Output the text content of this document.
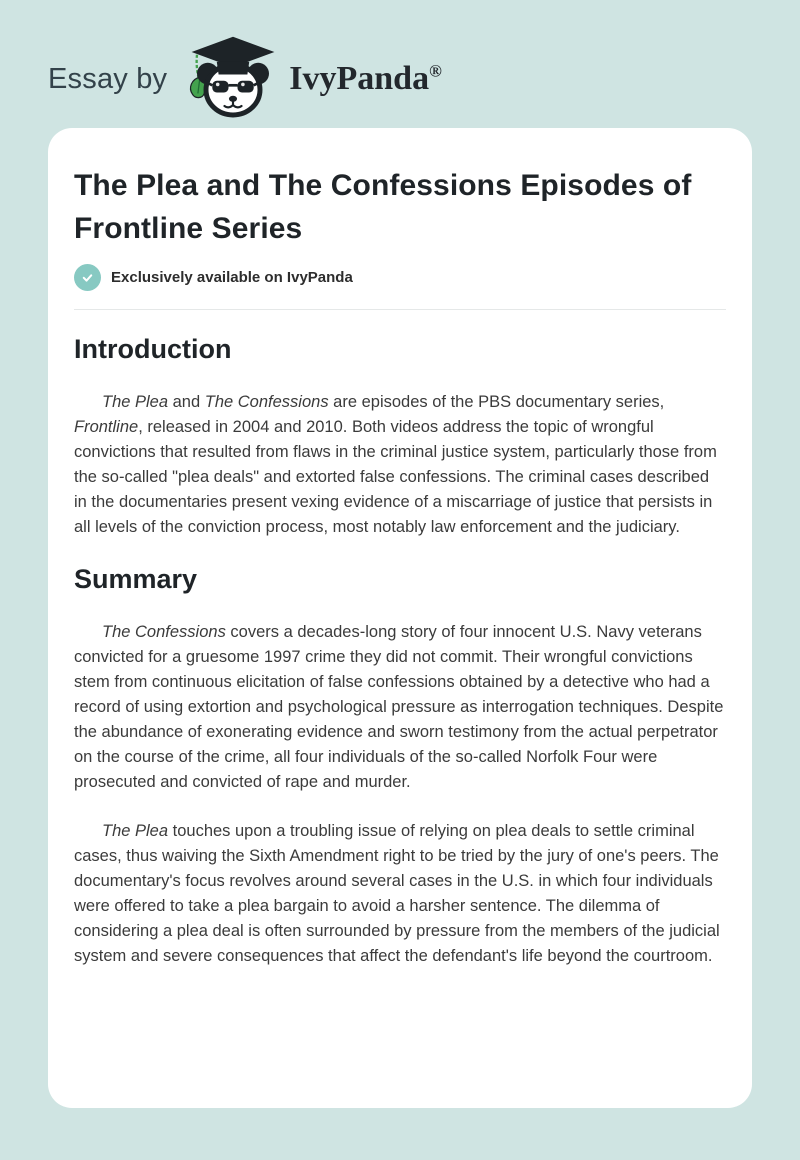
Essay by	IvyPanda®
The Plea and The Confessions Episodes of Frontline Series
Exclusively available on IvyPanda
Introduction

The Plea and The Confessions are episodes of the PBS documentary series, Frontline, released in 2004 and 2010. Both videos address the topic of wrongful convictions that resulted from flaws in the criminal justice system, particularly those from the so-called "plea deals" and extorted false confessions. The criminal cases described in the documentaries present vexing evidence of a miscarriage of justice that persists in all levels of the conviction process, most notably law enforcement and the judiciary.

Summary

The Confessions covers a decades-long story of four innocent U.S. Navy veterans convicted for a gruesome 1997 crime they did not commit. Their wrongful convictions stem from continuous elicitation of false confessions obtained by a detective who had a record of using extortion and psychological pressure as interrogation techniques. Despite the abundance of exonerating evidence and sworn testimony from the actual perpetrator on the course of the crime, all four individuals of the so-called Norfolk Four were prosecuted and convicted of rape and murder.

The Plea touches upon a troubling issue of relying on plea deals to settle criminal cases, thus waiving the Sixth Amendment right to be tried by the jury of one's peers. The documentary's focus revolves around several cases in the U.S. in which four individuals were offered to take a plea bargain to avoid a harsher sentence. The dilemma of considering a plea deal is often surrounded by pressure from the members of the judicial system and severe consequences that affect the defendant's life beyond the courtroom.
